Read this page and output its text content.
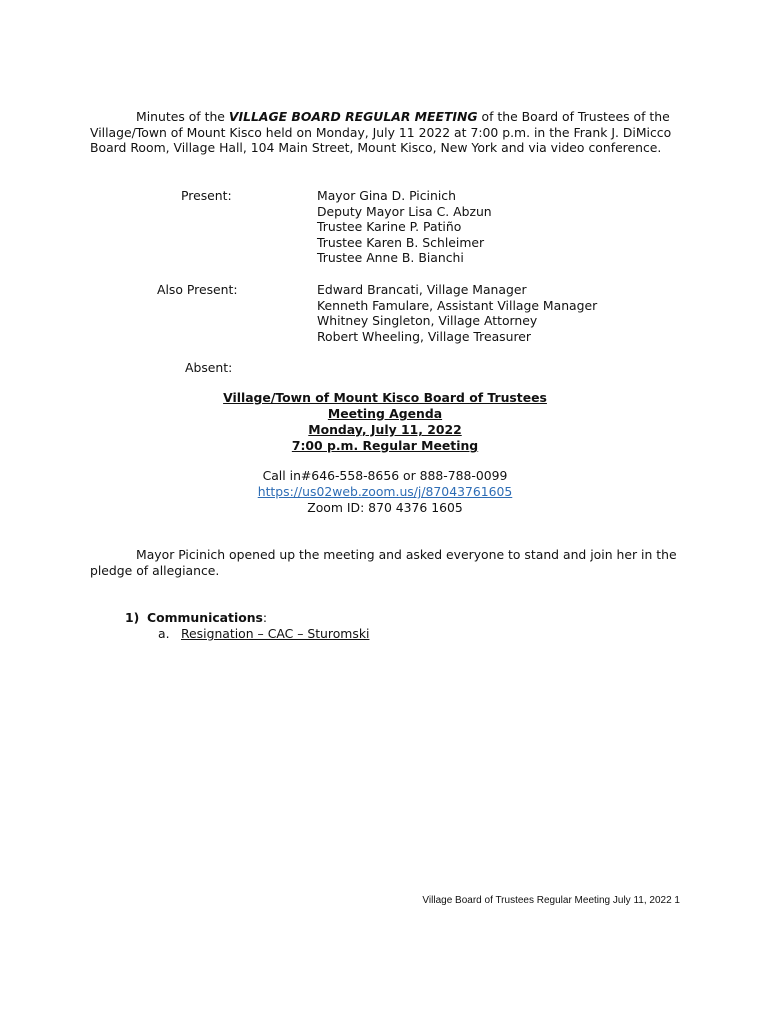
Minutes of the VILLAGE BOARD REGULAR MEETING of the Board of Trustees of the Village/Town of Mount Kisco held on Monday, July 11 2022 at 7:00 p.m. in the Frank J. DiMicco Board Room, Village Hall, 104 Main Street, Mount Kisco, New York and via video conference.
Present:	Mayor Gina D. Picinich
Deputy Mayor Lisa C. Abzun
Trustee Karine P. Patiño
Trustee Karen B. Schleimer
Trustee Anne B. Bianchi
Also Present:	Edward Brancati, Village Manager
Kenneth Famulare, Assistant Village Manager
Whitney Singleton, Village Attorney
Robert Wheeling, Village Treasurer
Absent:
Village/Town of Mount Kisco Board of Trustees
Meeting Agenda
Monday, July 11, 2022
7:00 p.m. Regular Meeting
Call in#646-558-8656 or 888-788-0099
https://us02web.zoom.us/j/87043761605
Zoom ID: 870 4376 1605
Mayor Picinich opened up the meeting and asked everyone to stand and join her in the pledge of allegiance.
1) Communications:
a. Resignation – CAC – Sturomski
Village Board of Trustees Regular Meeting July 11, 2022 1
